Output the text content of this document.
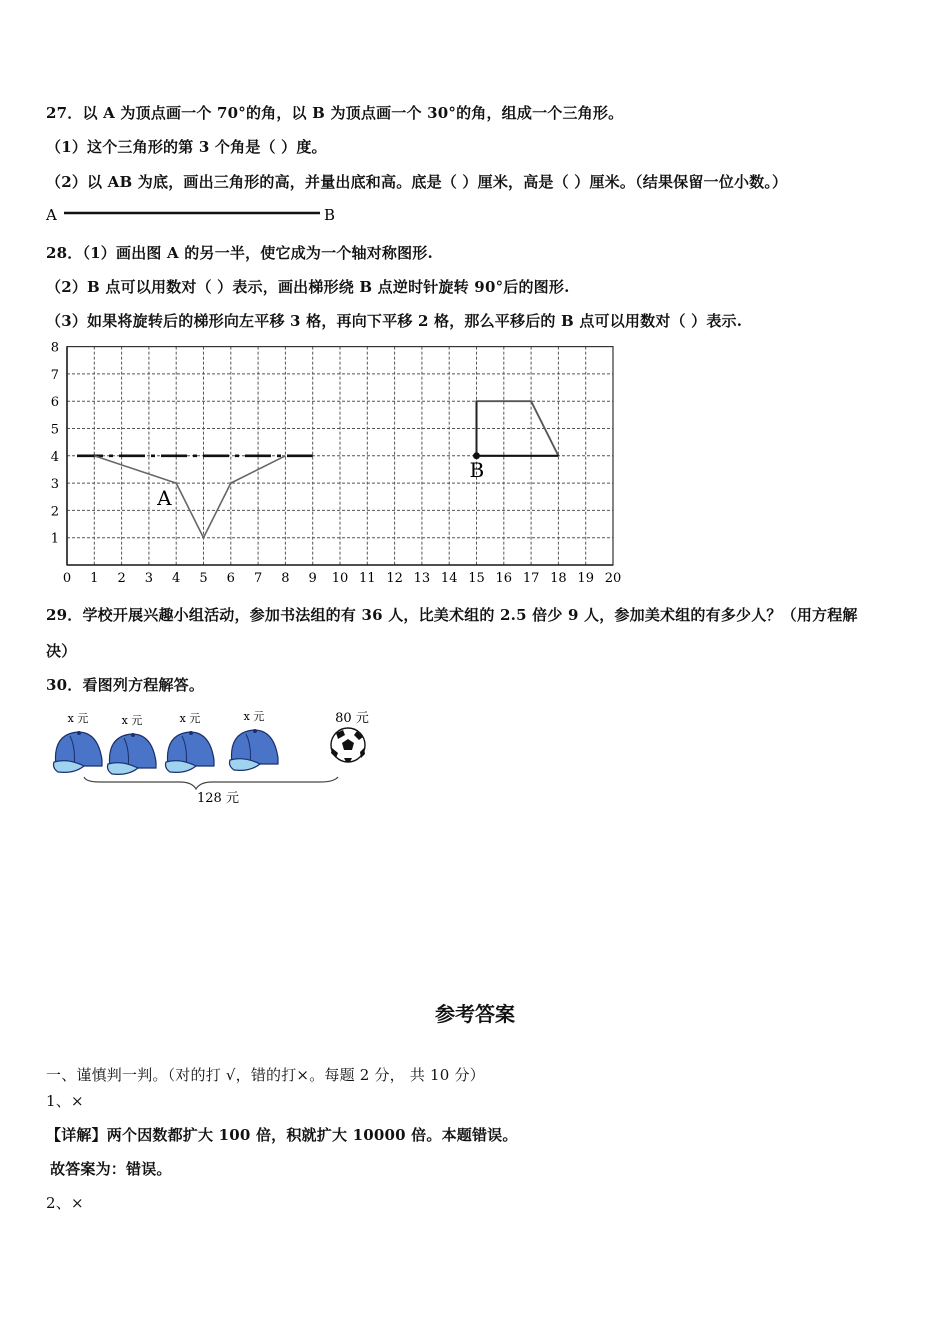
27．以 A 为顶点画一个 70°的角，以 B 为顶点画一个 30°的角，组成一个三角形。
（1）这个三角形的第 3 个角是（ ）度。
（2）以 AB 为底，画出三角形的高，并量出底和高。底是（ ）厘米，高是（ ）厘米。（结果保留一位小数。）
A	B
28．（1）画出图 A 的另一半，使它成为一个轴对称图形.
（2）B 点可以用数对（ ）表示，画出梯形绕 B 点逆时针旋转 90°后的图形.
（3）如果将旋转后的梯形向左平移 3 格，再向下平移 2 格，那么平移后的 B 点可以用数对（ ）表示.
0 1 2 3 4 5 6 7 8 9 10 11 12 13 14 15 16 17 18 19 20
1
2
3
4
5
6
7
8
A
B
29．学校开展兴趣小组活动，参加书法组的有 36 人，比美术组的 2.5 倍少 9 人，参加美术组的有多少人？（用方程解
决）
30．看图列方程解答。
x 元	x 元	x 元	x 元	80 元
128 元
参考答案
一、谨慎判一判。（对的打 √，错的打×。每题 2 分， 共 10 分）
1、×
【详解】两个因数都扩大 100 倍，积就扩大 10000 倍。本题错误。
故答案为：错误。
2、×
